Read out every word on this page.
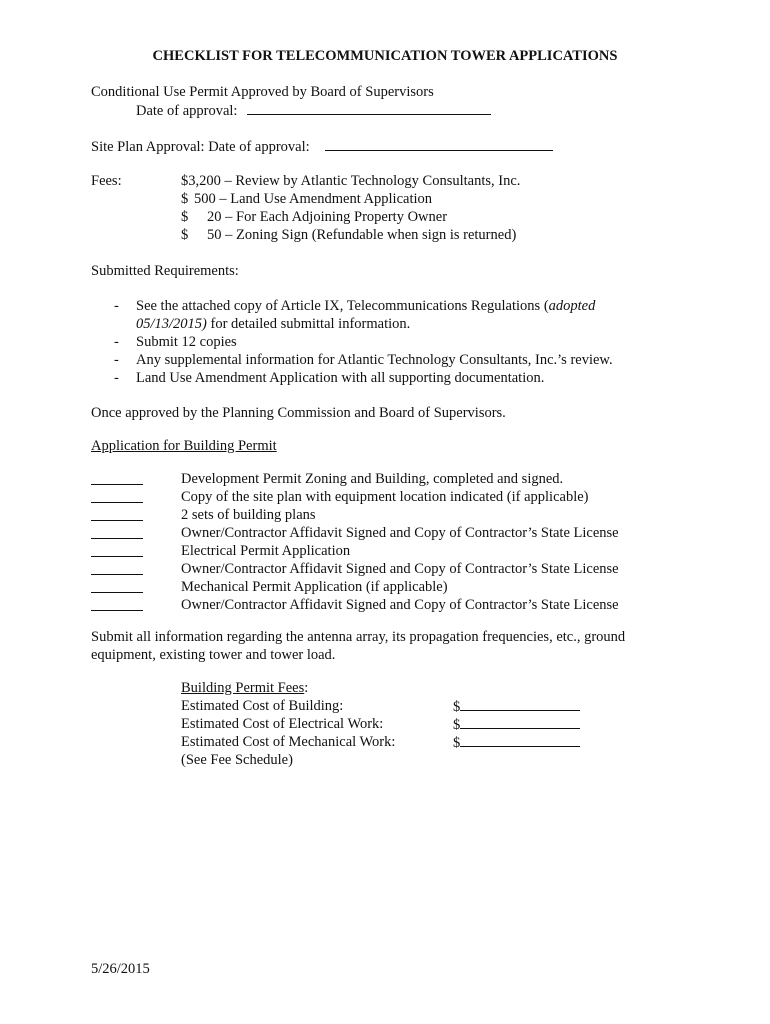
CHECKLIST FOR TELECOMMUNICATION TOWER APPLICATIONS
Conditional Use Permit Approved by Board of Supervisors
Date of approval:
Site Plan Approval: Date of approval:
Fees:	$3,200 – Review by Atlantic Technology Consultants, Inc.
$ 500 – Land Use Amendment Application
$ 20 – For Each Adjoining Property Owner
$ 50 – Zoning Sign (Refundable when sign is returned)
Submitted Requirements:
- See the attached copy of Article IX, Telecommunications Regulations (adopted
05/13/2015) for detailed submittal information.
- Submit 12 copies
- Any supplemental information for Atlantic Technology Consultants, Inc.’s review.
- Land Use Amendment Application with all supporting documentation.
Once approved by the Planning Commission and Board of Supervisors.
Application for Building Permit
Development Permit Zoning and Building, completed and signed.
Copy of the site plan with equipment location indicated (if applicable)
2 sets of building plans
Owner/Contractor Affidavit Signed and Copy of Contractor’s State License
Electrical Permit Application
Owner/Contractor Affidavit Signed and Copy of Contractor’s State License
Mechanical Permit Application (if applicable)
Owner/Contractor Affidavit Signed and Copy of Contractor’s State License
Submit all information regarding the antenna array, its propagation frequencies, etc., ground
equipment, existing tower and tower load.
Building Permit Fees:
Estimated Cost of Building:	$
Estimated Cost of Electrical Work:	$
Estimated Cost of Mechanical Work:	$
(See Fee Schedule)
5/26/2015
